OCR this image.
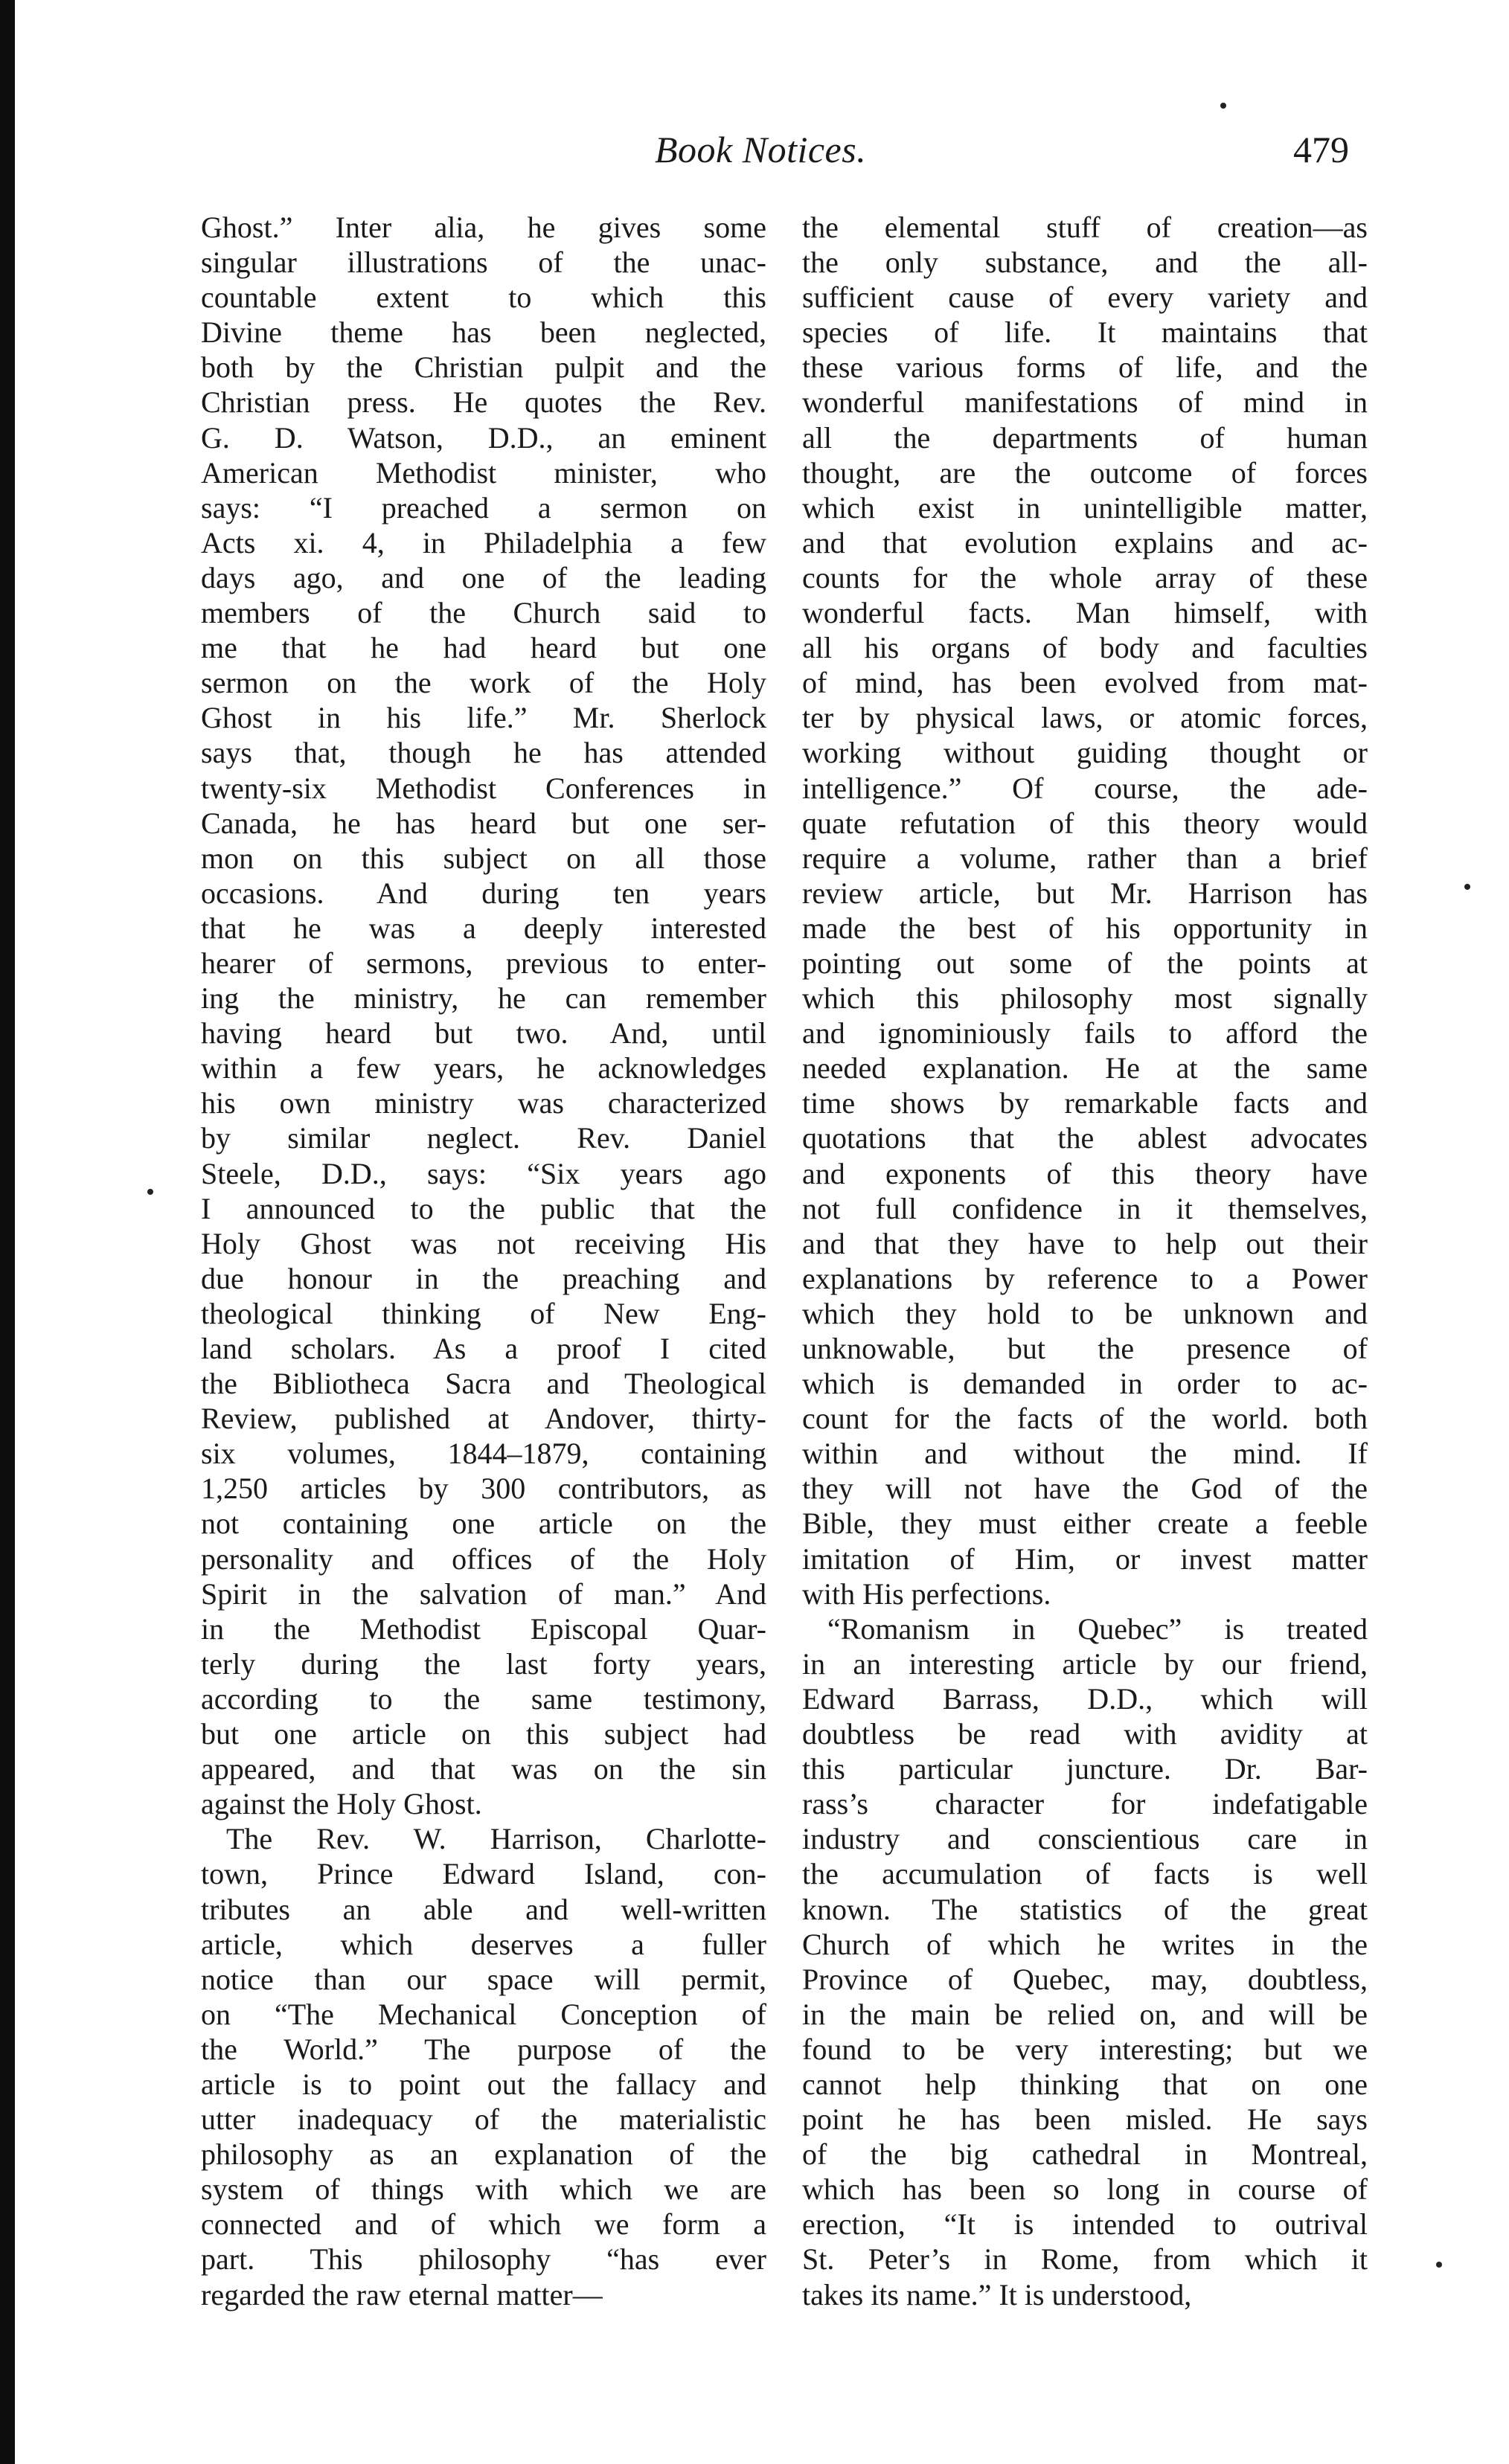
Book Notices.	479
Ghost.” Inter alia, he gives some
singular illustrations of the unac-
countable extent to which this
Divine theme has been neglected,
both by the Christian pulpit and the
Christian press. He quotes the Rev.
G. D. Watson, D.D., an eminent
American Methodist minister, who
says: “I preached a sermon on
Acts xi. 4, in Philadelphia a few
days ago, and one of the leading
members of the Church said to
me that he had heard but one
sermon on the work of the Holy
Ghost in his life.” Mr. Sherlock
says that, though he has attended
twenty-six Methodist Conferences in
Canada, he has heard but one ser-
mon on this subject on all those
occasions. And during ten years
that he was a deeply interested
hearer of sermons, previous to enter-
ing the ministry, he can remember
having heard but two. And, until
within a few years, he acknowledges
his own ministry was characterized
by similar neglect. Rev. Daniel
Steele, D.D., says: “Six years ago
I announced to the public that the
Holy Ghost was not receiving His
due honour in the preaching and
theological thinking of New Eng-
land scholars. As a proof I cited
the Bibliotheca Sacra and Theological
Review, published at Andover, thirty-
six volumes, 1844–1879, containing
1,250 articles by 300 contributors, as
not containing one article on the
personality and offices of the Holy
Spirit in the salvation of man.” And
in the Methodist Episcopal Quar-
terly during the last forty years,
according to the same testimony,
but one article on this subject had
appeared, and that was on the sin
against the Holy Ghost.
The Rev. W. Harrison, Charlotte-
town, Prince Edward Island, con-
tributes an able and well-written
article, which deserves a fuller
notice than our space will permit,
on “The Mechanical Conception of
the World.” The purpose of the
article is to point out the fallacy and
utter inadequacy of the materialistic
philosophy as an explanation of the
system of things with which we are
connected and of which we form a
part. This philosophy “has ever
regarded the raw eternal matter—
the elemental stuff of creation—as
the only substance, and the all-
sufficient cause of every variety and
species of life. It maintains that
these various forms of life, and the
wonderful manifestations of mind in
all the departments of human
thought, are the outcome of forces
which exist in unintelligible matter,
and that evolution explains and ac-
counts for the whole array of these
wonderful facts. Man himself, with
all his organs of body and faculties
of mind, has been evolved from mat-
ter by physical laws, or atomic forces,
working without guiding thought or
intelligence.” Of course, the ade-
quate refutation of this theory would
require a volume, rather than a brief
review article, but Mr. Harrison has
made the best of his opportunity in
pointing out some of the points at
which this philosophy most signally
and ignominiously fails to afford the
needed explanation. He at the same
time shows by remarkable facts and
quotations that the ablest advocates
and exponents of this theory have
not full confidence in it themselves,
and that they have to help out their
explanations by reference to a Power
which they hold to be unknown and
unknowable, but the presence of
which is demanded in order to ac-
count for the facts of the world. both
within and without the mind. If
they will not have the God of the
Bible, they must either create a feeble
imitation of Him, or invest matter
with His perfections.
“Romanism in Quebec” is treated
in an interesting article by our friend,
Edward Barrass, D.D., which will
doubtless be read with avidity at
this particular juncture. Dr. Bar-
rass’s character for indefatigable
industry and conscientious care in
the accumulation of facts is well
known. The statistics of the great
Church of which he writes in the
Province of Quebec, may, doubtless,
in the main be relied on, and will be
found to be very interesting; but we
cannot help thinking that on one
point he has been misled. He says
of the big cathedral in Montreal,
which has been so long in course of
erection, “It is intended to outrival
St. Peter’s in Rome, from which it
takes its name.” It is understood,
